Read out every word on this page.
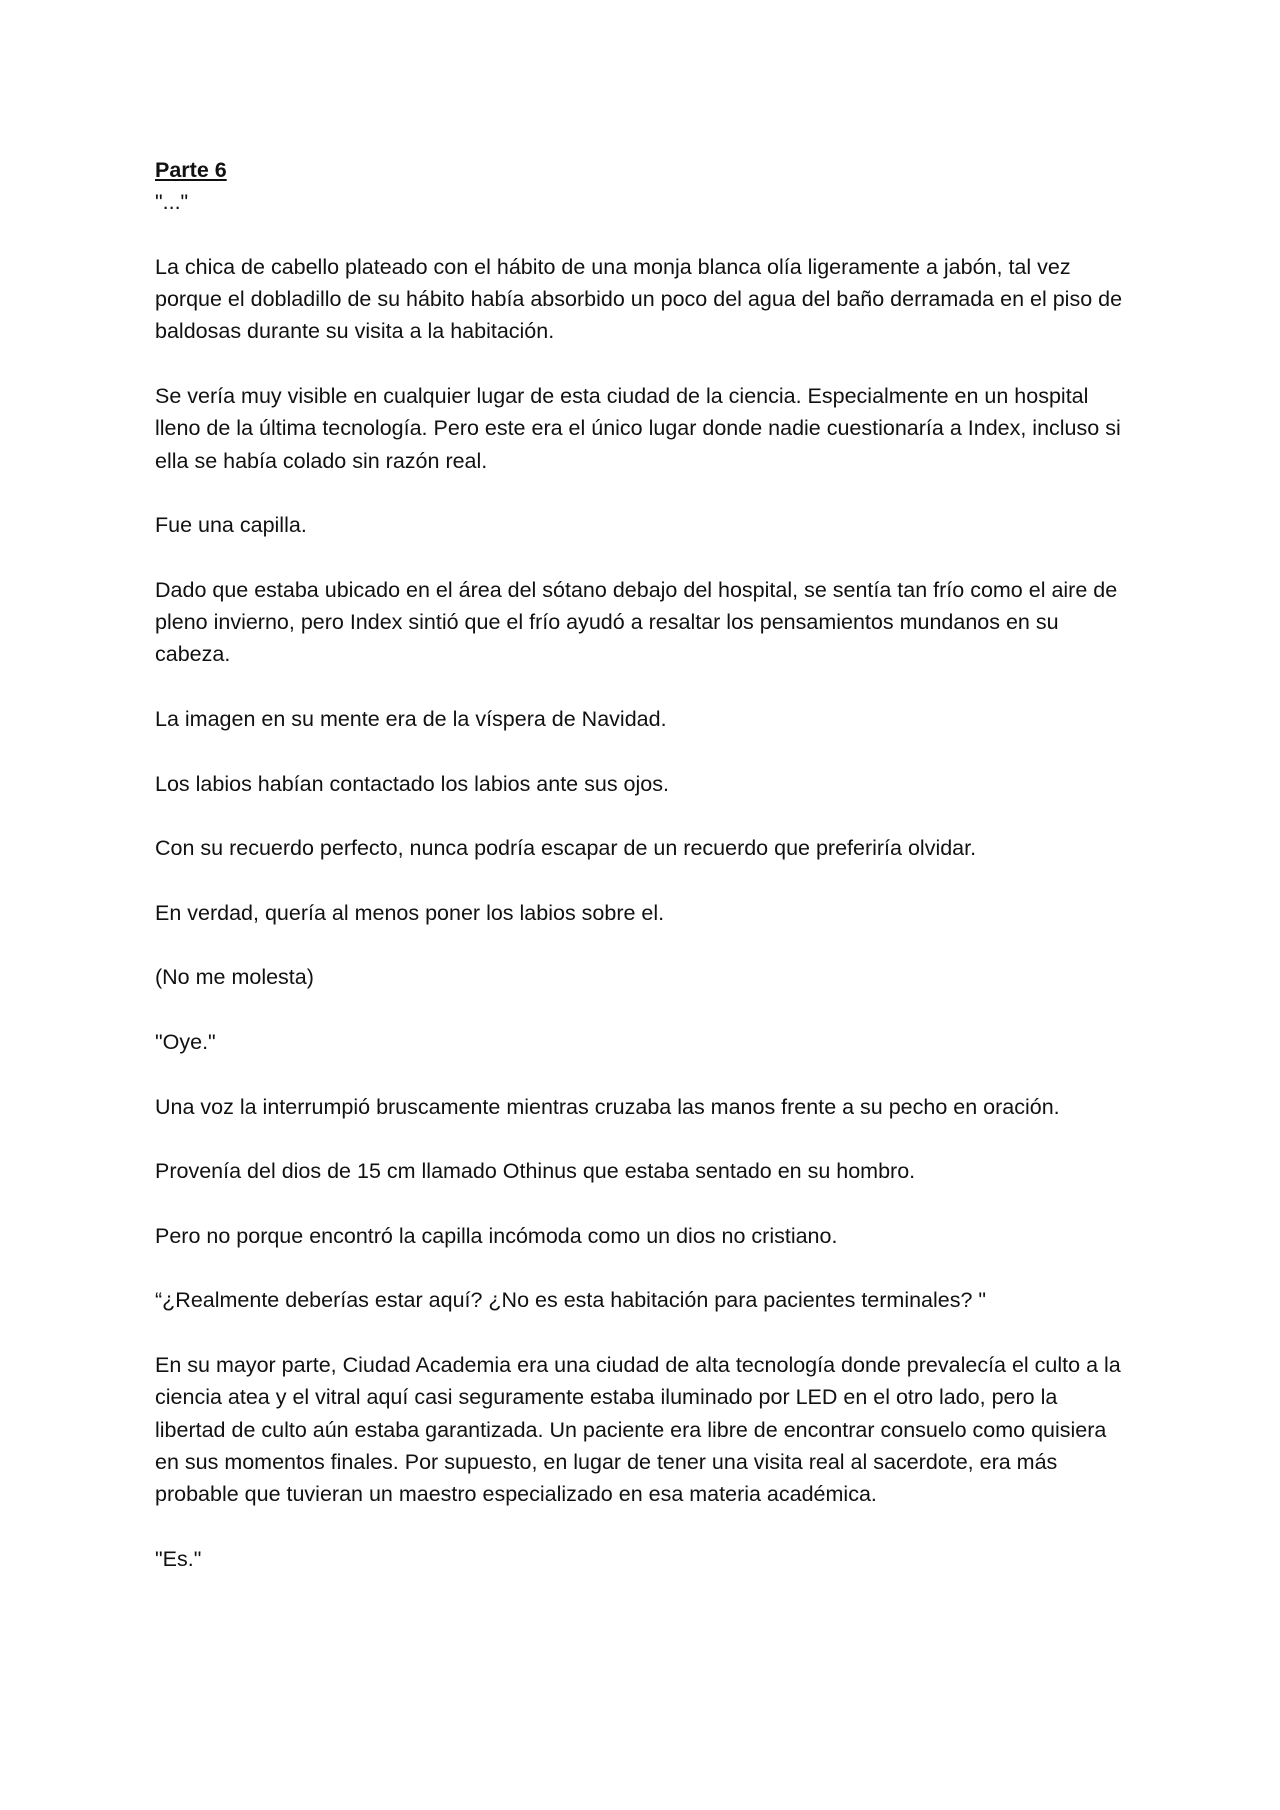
Parte 6

"..."

La chica de cabello plateado con el hábito de una monja blanca olía ligeramente a jabón, tal vez porque el dobladillo de su hábito había absorbido un poco del agua del baño derramada en el piso de baldosas durante su visita a la habitación.

Se vería muy visible en cualquier lugar de esta ciudad de la ciencia. Especialmente en un hospital lleno de la última tecnología. Pero este era el único lugar donde nadie cuestionaría a Index, incluso si ella se había colado sin razón real.

Fue una capilla.

Dado que estaba ubicado en el área del sótano debajo del hospital, se sentía tan frío como el aire de pleno invierno, pero Index sintió que el frío ayudó a resaltar los pensamientos mundanos en su cabeza.

La imagen en su mente era de la víspera de Navidad.

Los labios habían contactado los labios ante sus ojos.

Con su recuerdo perfecto, nunca podría escapar de un recuerdo que preferiría olvidar.

En verdad, quería al menos poner los labios sobre el.

(No me molesta)

"Oye."

Una voz la interrumpió bruscamente mientras cruzaba las manos frente a su pecho en oración.

Provenía del dios de 15 cm llamado Othinus que estaba sentado en su hombro.

Pero no porque encontró la capilla incómoda como un dios no cristiano.

“¿Realmente deberías estar aquí? ¿No es esta habitación para pacientes terminales? "

En su mayor parte, Ciudad Academia era una ciudad de alta tecnología donde prevalecía el culto a la ciencia atea y el vitral aquí casi seguramente estaba iluminado por LED en el otro lado, pero la libertad de culto aún estaba garantizada. Un paciente era libre de encontrar consuelo como quisiera en sus momentos finales. Por supuesto, en lugar de tener una visita real al sacerdote, era más probable que tuvieran un maestro especializado en esa materia académica.

"Es."
